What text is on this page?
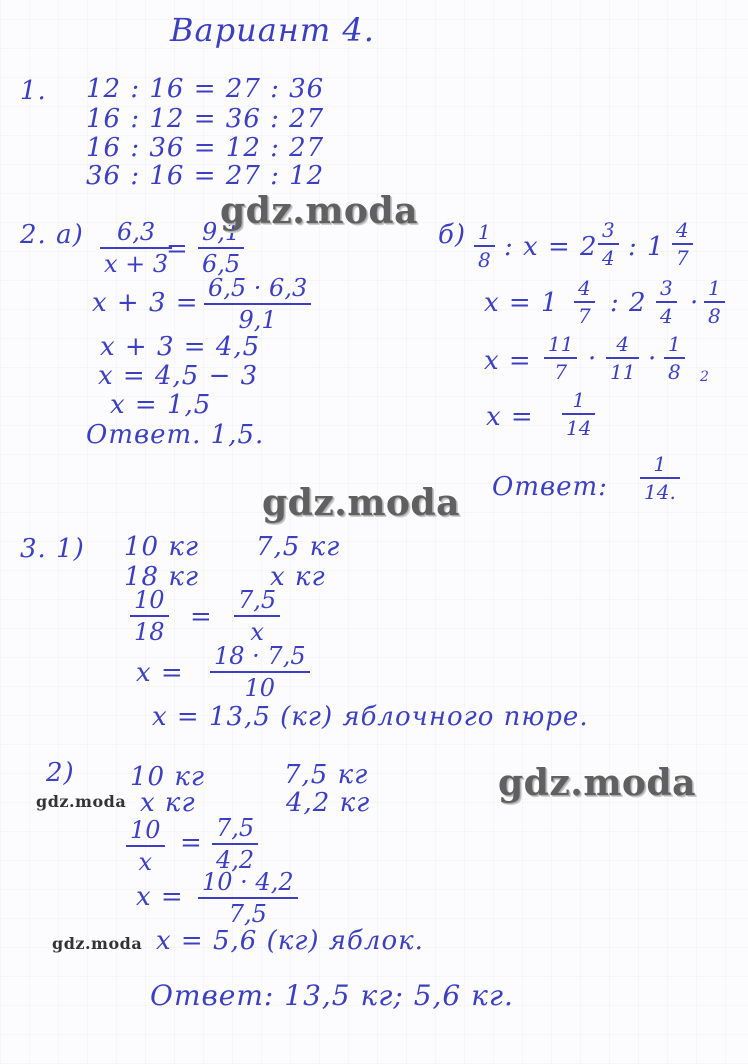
Вариант 4.
1. 12 : 16 = 27 : 36
16 : 12 = 36 : 27
16 : 36 = 12 : 27
36 : 16 = 27 : 12
2. $а) \frac{6,3}{x + 3}$
= $\frac{9,1}{6,5}$
$x + 3 = \frac{6,5 \cdot 6,3}{9,1}$
x + 3 = 4,5
x = 4,5 − 3
x = 1,5
Ответ. 1,5.
$б) \frac{1}{8}$ : $x = 2 \frac{3}{4}$ : $1 \frac{4}{7}$
$x = 1 \frac{4}{7}$ : $2 \frac{3}{4} \cdot \frac{1}{8}$
$x = \frac{11}{7} \cdot \frac{4}{11} \cdot \frac{1}{8} 2$
$x = \frac{1}{14}$
Ответ: $\frac{1}{14.}$
3. 1) 10 кг 7,5 кг
18 кг	x кг
$\frac{10}{18} = \frac{7,5}{x}$
$x = \frac{18 \cdot 7,5}{10}$
x = 13,5 (кг) яблочного пюре.
2) 10 кг	7,5 кг
x кг	4,2 кг
$\frac{10}{x} = \frac{7,5}{4,2}$
$x = \frac{10 \cdot 4,2}{7,5}$
x = 5,6 (кг) яблок.
Ответ: 13,5 кг; 5,6 кг.
gdz.moda
gdz.moda
gdz.moda
gdz.moda
gdz.moda
